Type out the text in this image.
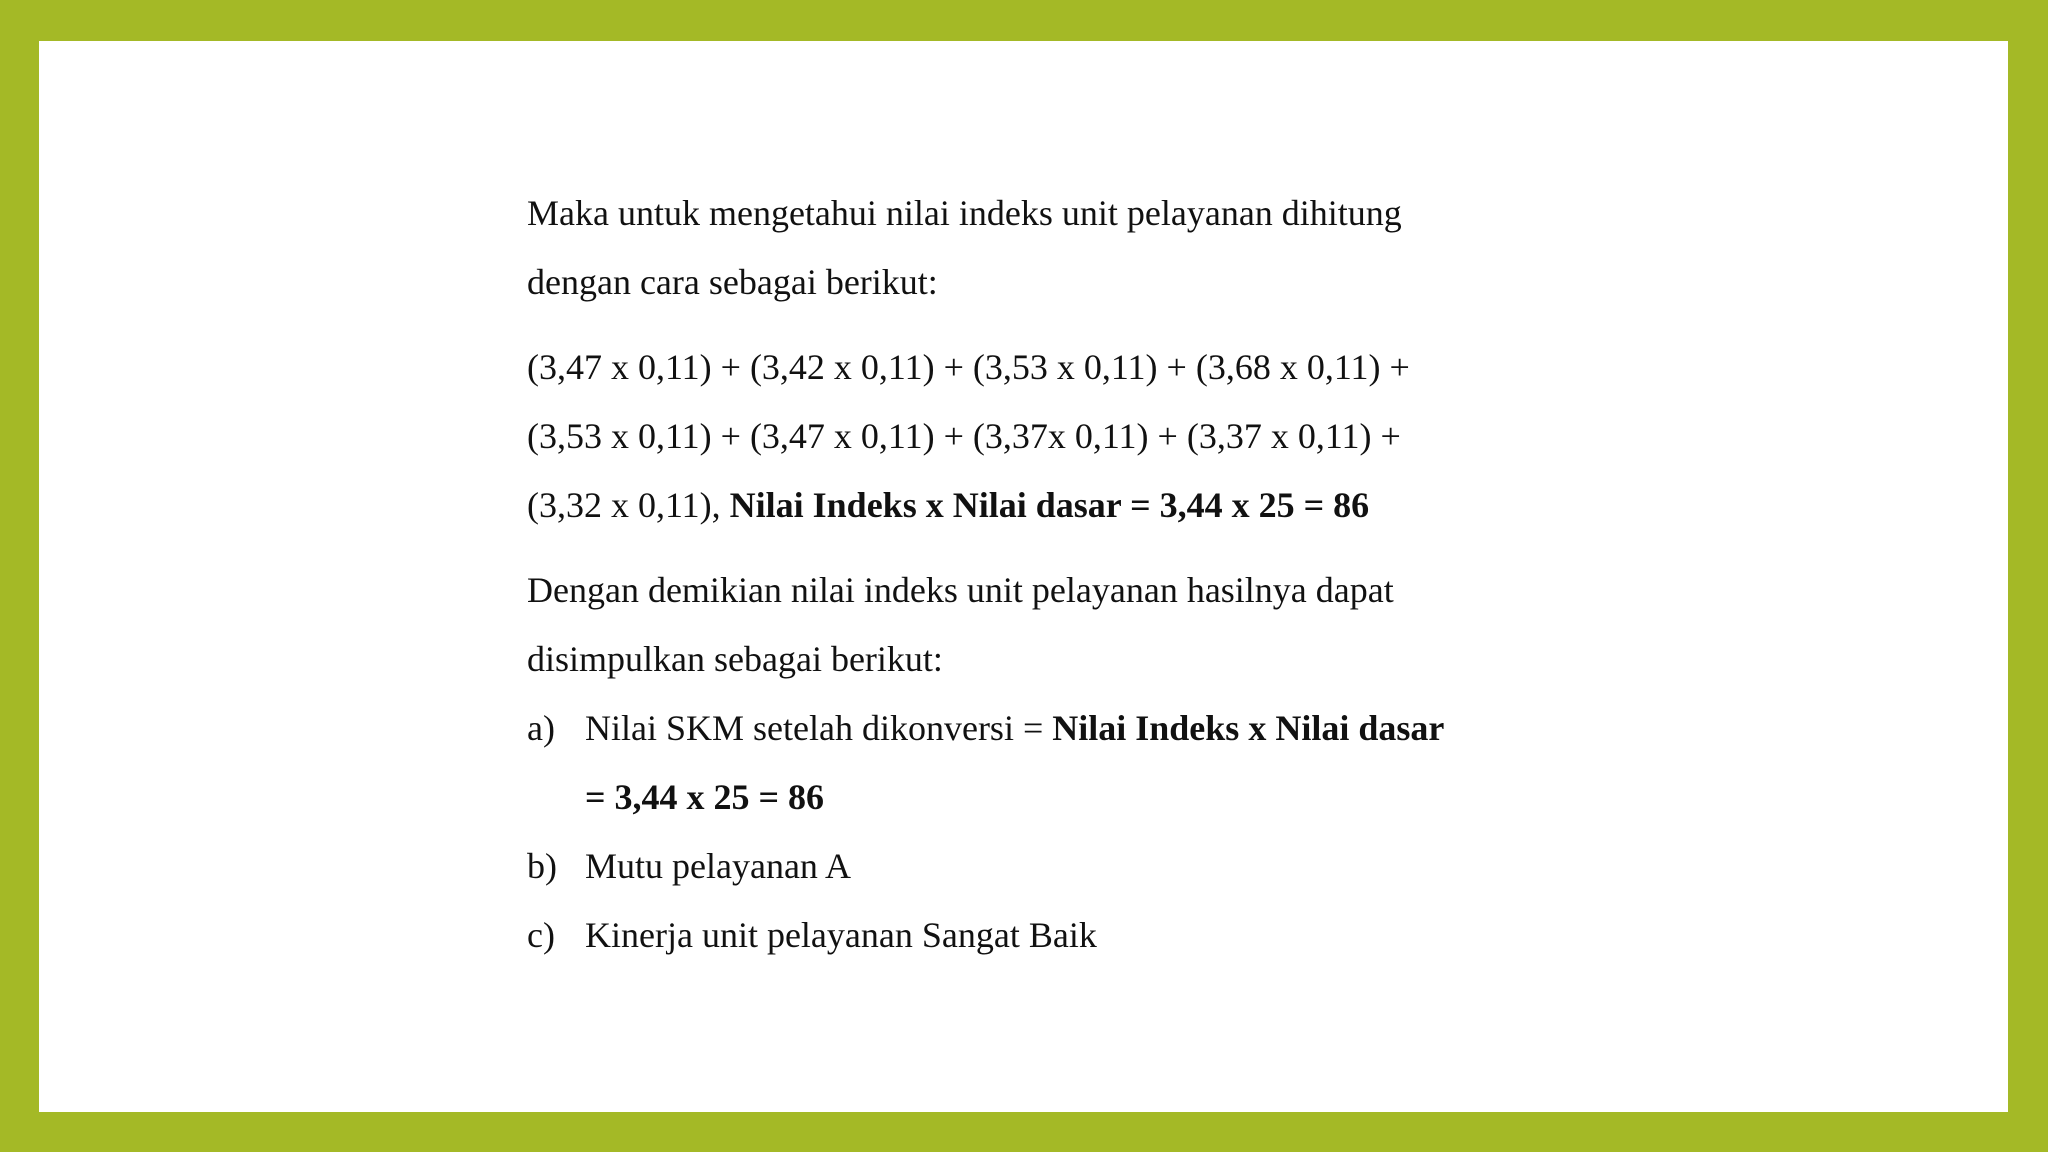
Maka untuk mengetahui nilai indeks unit pelayanan dihitung

dengan cara sebagai berikut:

(3,47 x 0,11) + (3,42 x 0,11) + (3,53 x 0,11) + (3,68 x 0,11) +

(3,53 x 0,11) + (3,47 x 0,11) + (3,37x 0,11) + (3,37 x 0,11) +

(3,32 x 0,11), Nilai Indeks x Nilai dasar = 3,44 x 25 = 86

Dengan demikian nilai indeks unit pelayanan hasilnya dapat

disimpulkan sebagai berikut:

a) Nilai SKM setelah dikonversi = Nilai Indeks x Nilai dasar
= 3,44 x 25 = 86
b) Mutu pelayanan A
c) Kinerja unit pelayanan Sangat Baik
